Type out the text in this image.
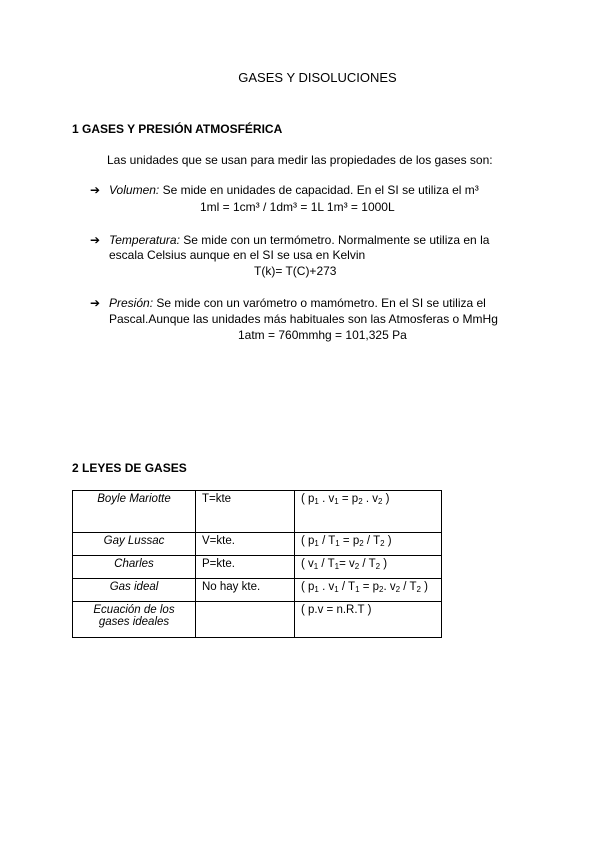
GASES Y DISOLUCIONES
1 GASES Y PRESIÓN ATMOSFÉRICA
Las unidades que se usan para medir las propiedades de los gases son:
➔ Volumen: Se mide en unidades de capacidad. En el SI se utiliza el m³
1ml = 1cm³ / 1dm³ = 1L 1m³ = 1000L
➔ Temperatura: Se mide con un termómetro. Normalmente se utiliza en la
escala Celsius aunque en el SI se usa en Kelvin
T(k)= T(C)+273
➔ Presión: Se mide con un varómetro o mamómetro. En el SI se utiliza el
Pascal.Aunque las unidades más habituales son las Atmosferas o MmHg
1atm = 760mmhg = 101,325 Pa
2 LEYES DE GASES
Boyle Mariotte	T=kte	( $p_1$ . $v_1 = p_2$ . $v_2$ )
Gay Lussac	V=kte.	( $p_1 / T_1 = p_2 / T_2$ )
Charles	P=kte.	( $v_1 / T_1= v_2 / T_2$ )
Gas ideal	No hay kte.	( $p_1$ . $v_1 / T_1 = p_2$. $v_2 / T_2$ )
Ecuación de los gases ideales		( p.v = n.R.T )
